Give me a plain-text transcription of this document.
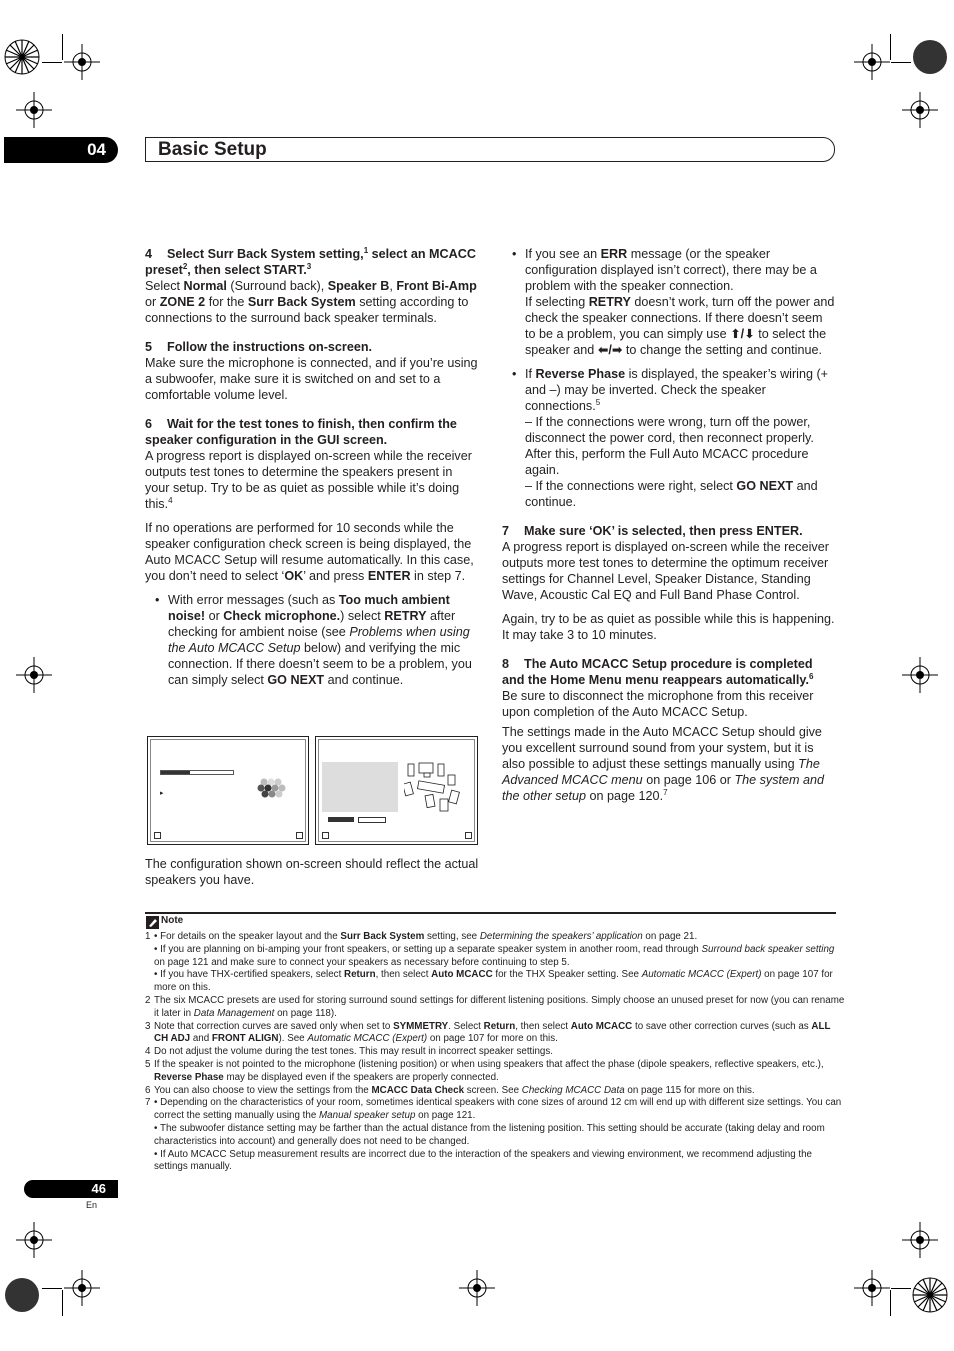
04	Basic Setup

4 Select Surr Back System setting,$^1$ select an MCACC preset$^2$, then select START.$^3$

Select Normal (Surround back), Speaker B, Front Bi-Amp or ZONE 2 for the Surr Back System setting according to connections to the surround back speaker terminals.

5 Follow the instructions on-screen.

Make sure the microphone is connected, and if you’re using a subwoofer, make sure it is switched on and set to a comfortable volume level.

6 Wait for the test tones to finish, then confirm the speaker configuration in the GUI screen.

A progress report is displayed on-screen while the receiver outputs test tones to determine the speakers present in your setup. Try to be as quiet as possible while it’s doing this.$^4$

If no operations are performed for 10 seconds while the speaker configuration check screen is being displayed, the Auto MCACC Setup will resume automatically. In this case, you don’t need to select ‘OK’ and press ENTER in step 7.

• With error messages (such as Too much ambient noise! or Check microphone.) select RETRY after checking for ambient noise (see Problems when using the Auto MCACC Setup below) and verifying the mic connection. If there doesn’t seem to be a problem, you can simply select GO NEXT and continue.
▸
The configuration shown on-screen should reflect the actual speakers you have.
• If you see an ERR message (or the speaker configuration displayed isn’t correct), there may be a problem with the speaker connection.
If selecting RETRY doesn’t work, turn off the power and check the speaker connections. If there doesn’t seem to be a problem, you can simply use ⬆/⬇ to select the speaker and ⬅/➡ to change the setting and continue.
• If Reverse Phase is displayed, the speaker’s wiring (+ and –) may be inverted. Check the speaker connections.$^5$
– If the connections were wrong, turn off the power, disconnect the power cord, then reconnect properly. After this, perform the Full Auto MCACC procedure again.
– If the connections were right, select GO NEXT and continue.

7 Make sure ‘OK’ is selected, then press ENTER.

A progress report is displayed on-screen while the receiver outputs more test tones to determine the optimum receiver settings for Channel Level, Speaker Distance, Standing Wave, Acoustic Cal EQ and Full Band Phase Control.

Again, try to be as quiet as possible while this is happening. It may take 3 to 10 minutes.

8 The Auto MCACC Setup procedure is completed and the Home Menu menu reappears automatically.$^6$

Be sure to disconnect the microphone from this receiver upon completion of the Auto MCACC Setup.

The settings made in the Auto MCACC Setup should give you excellent surround sound from your system, but it is also possible to adjust these settings manually using The Advanced MCACC menu on page 106 or The system and the other setup on page 120.$^7$

Note
1 • For details on the speaker layout and the Surr Back System setting, see Determining the speakers’ application on page 21.
• If you are planning on bi-amping your front speakers, or setting up a separate speaker system in another room, read through Surround back speaker setting on page 121 and make sure to connect your speakers as necessary before continuing to step 5.
• If you have THX-certified speakers, select Return, then select Auto MCACC for the THX Speaker setting. See Automatic MCACC (Expert) on page 107 for more on this.
2 The six MCACC presets are used for storing surround sound settings for different listening positions. Simply choose an unused preset for now (you can rename it later in Data Management on page 118).
3 Note that correction curves are saved only when set to SYMMETRY. Select Return, then select Auto MCACC to save other correction curves (such as ALL CH ADJ and FRONT ALIGN). See Automatic MCACC (Expert) on page 107 for more on this.
4 Do not adjust the volume during the test tones. This may result in incorrect speaker settings.
5 If the speaker is not pointed to the microphone (listening position) or when using speakers that affect the phase (dipole speakers, reflective speakers, etc.), Reverse Phase may be displayed even if the speakers are properly connected.
6 You can also choose to view the settings from the MCACC Data Check screen. See Checking MCACC Data on page 115 for more on this.
7 • Depending on the characteristics of your room, sometimes identical speakers with cone sizes of around 12 cm will end up with different size settings. You can correct the setting manually using the Manual speaker setup on page 121.
• The subwoofer distance setting may be farther than the actual distance from the listening position. This setting should be accurate (taking delay and room characteristics into account) and generally does not need to be changed.
• If Auto MCACC Setup measurement results are incorrect due to the interaction of the speakers and viewing environment, we recommend adjusting the settings manually.
46
En
